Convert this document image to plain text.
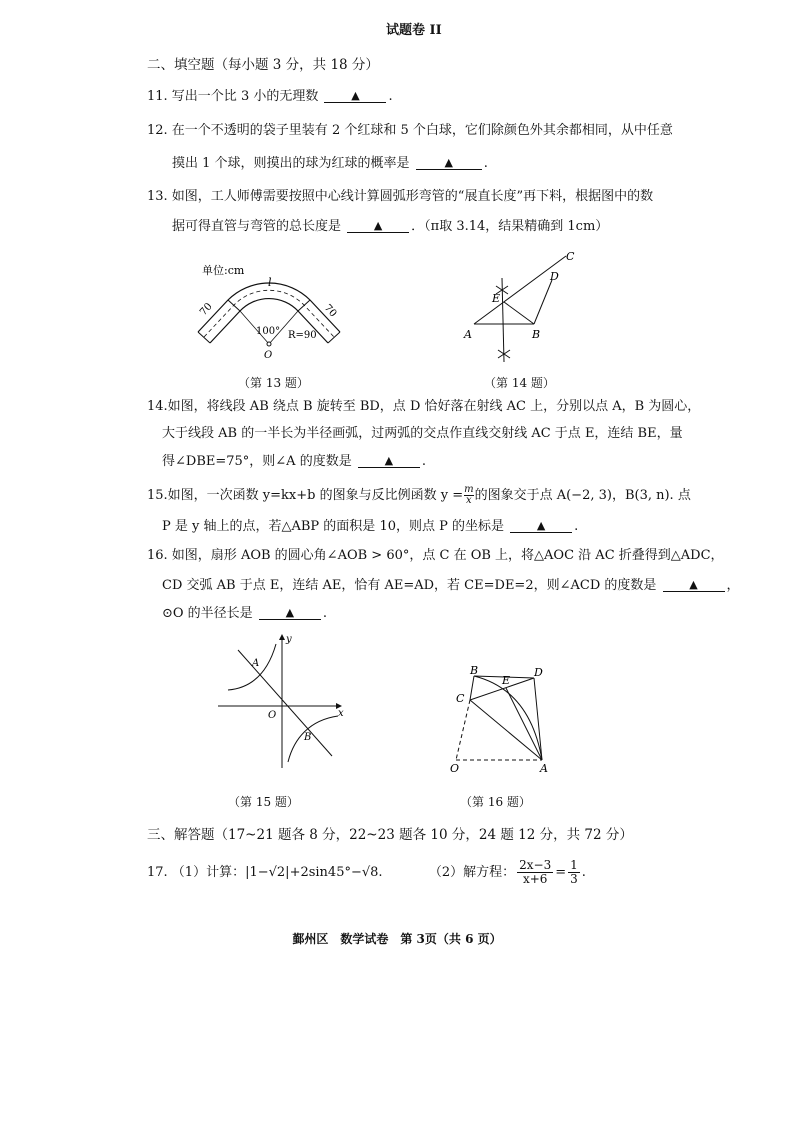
试题卷 II
二、填空题（每小题 3 分，共 18 分）
11. 写出一个比 3 小的无理数	▲ .
12. 在一个不透明的袋子里装有 2 个红球和 5 个白球，它们除颜色外其余都相同，从中任意
摸出 1 个球，则摸出的球为红球的概率是	▲ .
13. 如图，工人师傅需要按照中心线计算圆弧形弯管的“展直长度”再下料，根据图中的数
据可得直管与弯管的总长度是	▲ ．（π取 3.14，结果精确到 1cm）
单位:cm
70	70
l
100° R=90
O
（第 13 题）
A	B
C
D
E
（第 14 题）
14.如图，将线段 AB 绕点 B 旋转至 BD，点 D 恰好落在射线 AC 上，分别以点 A，B 为圆心，
大于线段 AB 的一半长为半径画弧，过两弧的交点作直线交射线 AC 于点 E，连结 BE，量
得∠DBE=75°，则∠A 的度数是	▲ .
15.如图，一次函数 y=kx+b 的图象与反比例函数 $y = \frac{m}{x}$ 的图象交于点 A(−2, 3)，B(3, n). 点
P 是 y 轴上的点，若△ABP 的面积是 10，则点 P 的坐标是	▲ .
16. 如图，扇形 AOB 的圆心角∠AOB > 60°，点 C 在 OB 上，将△AOC 沿 AC 折叠得到△ADC，
CD 交弧 AB 于点 E，连结 AE，恰有 AE=AD，若 CE=DE=2，则∠ACD 的度数是	▲ ，
⊙O 的半径长是	▲ .
x
y
O
A
B
（第 15 题）
B
C
D
E
O	A
（第 16 题）
三、解答题（17~21 题各 8 分，22~23 题各 10 分，24 题 12 分，共 72 分）
17. （1）计算：|1−√2|+2sin45°−√8.	（2）解方程： $\frac{2x-3}{x+6} = \frac{1}{3}$ .
鄞州区　数学试卷　第 3页（共 6 页）
